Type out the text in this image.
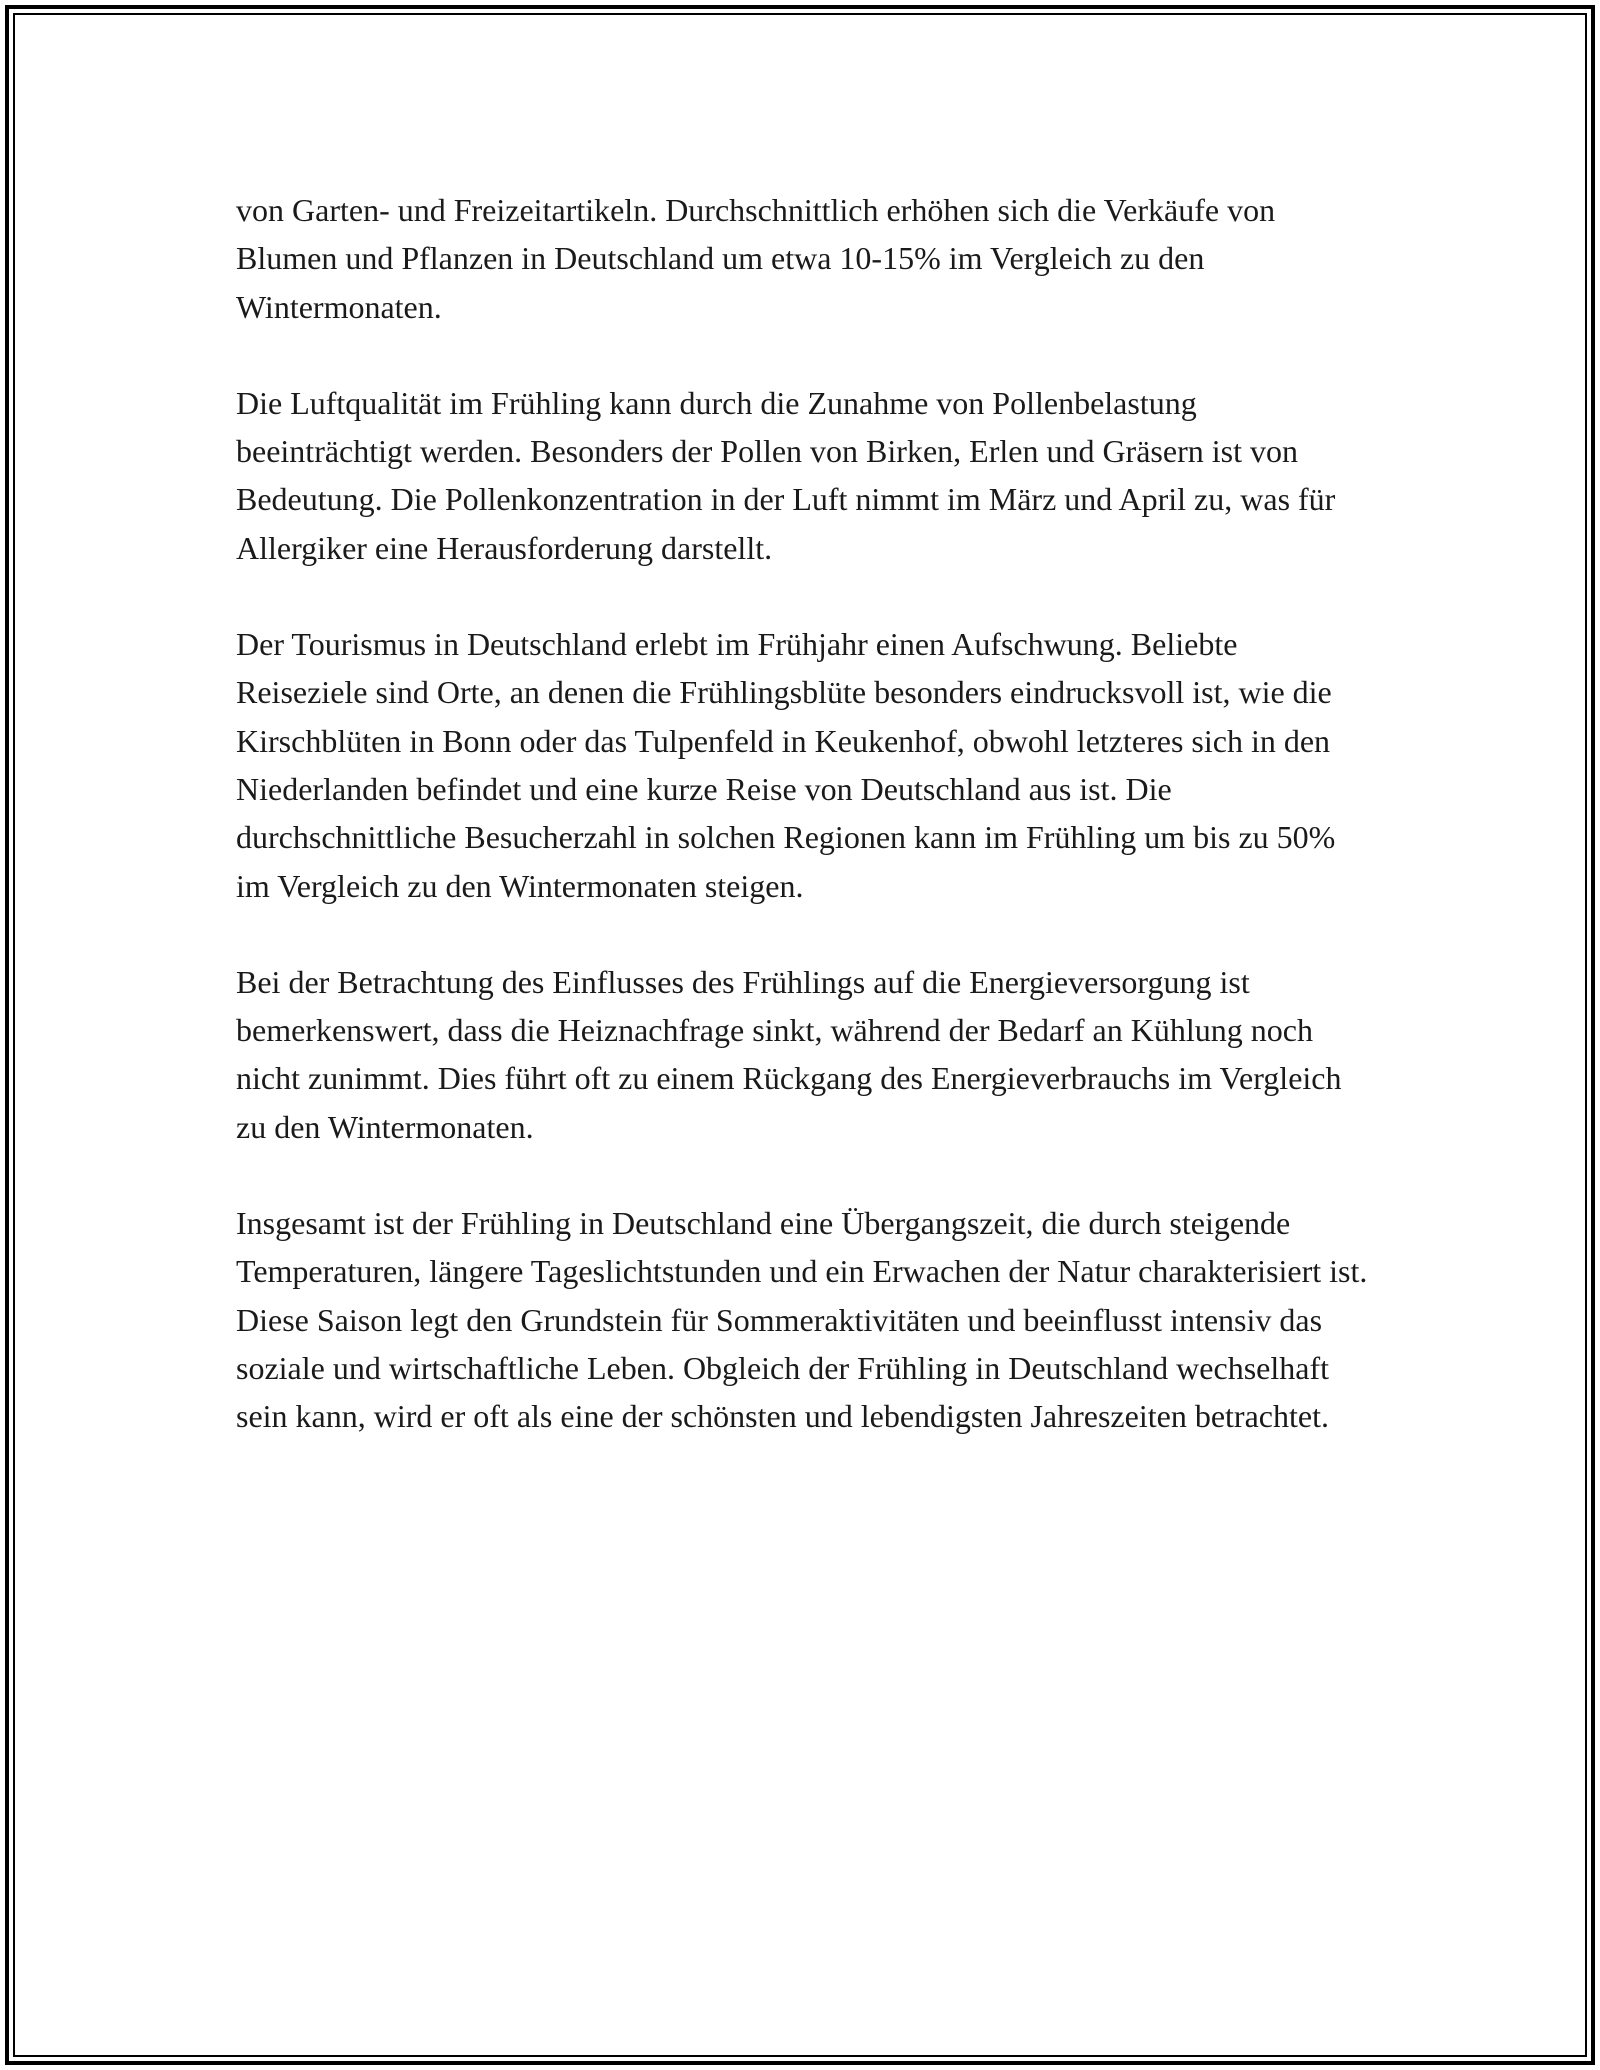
von Garten- und Freizeitartikeln. Durchschnittlich erhöhen sich die Verkäufe von Blumen und Pflanzen in Deutschland um etwa 10-15% im Vergleich zu den Wintermonaten.

Die Luftqualität im Frühling kann durch die Zunahme von Pollenbelastung beeinträchtigt werden. Besonders der Pollen von Birken, Erlen und Gräsern ist von Bedeutung. Die Pollenkonzentration in der Luft nimmt im März und April zu, was für Allergiker eine Herausforderung darstellt.

Der Tourismus in Deutschland erlebt im Frühjahr einen Aufschwung. Beliebte Reiseziele sind Orte, an denen die Frühlingsblüte besonders eindrucksvoll ist, wie die Kirschblüten in Bonn oder das Tulpenfeld in Keukenhof, obwohl letzteres sich in den Niederlanden befindet und eine kurze Reise von Deutschland aus ist. Die durchschnittliche Besucherzahl in solchen Regionen kann im Frühling um bis zu 50% im Vergleich zu den Wintermonaten steigen.

Bei der Betrachtung des Einflusses des Frühlings auf die Energieversorgung ist bemerkenswert, dass die Heiznachfrage sinkt, während der Bedarf an Kühlung noch nicht zunimmt. Dies führt oft zu einem Rückgang des Energieverbrauchs im Vergleich zu den Wintermonaten.

Insgesamt ist der Frühling in Deutschland eine Übergangszeit, die durch steigende Temperaturen, längere Tageslichtstunden und ein Erwachen der Natur charakterisiert ist. Diese Saison legt den Grundstein für Sommeraktivitäten und beeinflusst intensiv das soziale und wirtschaftliche Leben. Obgleich der Frühling in Deutschland wechselhaft sein kann, wird er oft als eine der schönsten und lebendigsten Jahreszeiten betrachtet.
